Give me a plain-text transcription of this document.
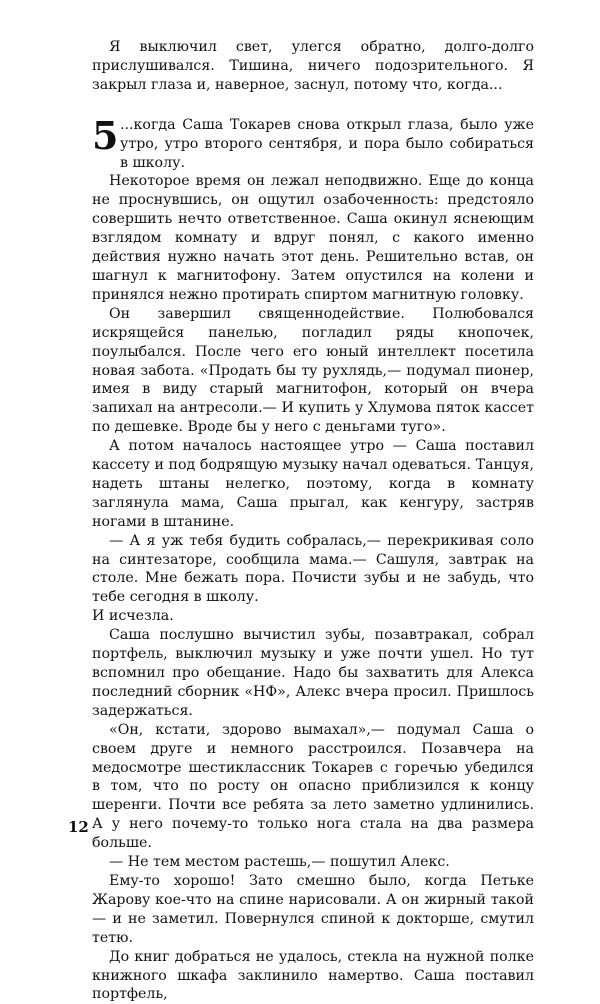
Я выключил свет, улегся обратно, долго-долго прислушивался. Тишина, ничего подозрительного. Я закрыл глаза и, наверное, заснул, потому что, когда...

5 ...когда Саша Токарев снова открыл глаза, было уже утро, утро второго сентября, и пора было собираться в школу.

Некоторое время он лежал неподвижно. Еще до конца не проснувшись, он ощутил озабоченность: предстояло совершить нечто ответственное. Саша окинул яснеющим взглядом комнату и вдруг понял, с какого именно действия нужно начать этот день. Решительно встав, он шагнул к магнитофону. Затем опустился на колени и принялся нежно протирать спиртом магнитную головку.

Он завершил священнодействие. Полюбовался искрящейся панелью, погладил ряды кнопочек, поулыбался. После чего его юный интеллект посетила новая забота. «Продать бы ту рухлядь,— подумал пионер, имея в виду старый магнитофон, который он вчера запихал на антресоли.— И купить у Хлумова пяток кассет по дешевке. Вроде бы у него с деньгами туго».

А потом началось настоящее утро — Саша поставил кассету и под бодрящую музыку начал одеваться. Танцуя, надеть штаны нелегко, поэтому, когда в комнату заглянула мама, Саша прыгал, как кенгуру, застряв ногами в штанине.

— А я уж тебя будить собралась,— перекрикивая соло на синтезаторе, сообщила мама.— Сашуля, завтрак на столе. Мне бежать пора. Почисти зубы и не забудь, что тебе сегодня в школу.

И исчезла.

Саша послушно вычистил зубы, позавтракал, собрал портфель, выключил музыку и уже почти ушел. Но тут вспомнил про обещание. Надо бы захватить для Алекса последний сборник «НФ», Алекс вчера просил. Пришлось задержаться.

«Он, кстати, здорово вымахал»,— подумал Саша о своем друге и немного расстроился. Позавчера на медосмотре шестиклассник Токарев с горечью убедился в том, что по росту он опасно приблизился к концу шеренги. Почти все ребята за лето заметно удлинились. А у него почему-то только нога стала на два размера больше.

— Не тем местом растешь,— пошутил Алекс.

Ему-то хорошо! Зато смешно было, когда Петьке Жарову кое-что на спине нарисовали. А он жирный такой — и не заметил. Повернулся спиной к докторше, смутил тетю.

До книг добраться не удалось, стекла на нужной полке книжного шкафа заклинило намертво. Саша поставил портфель,

12
